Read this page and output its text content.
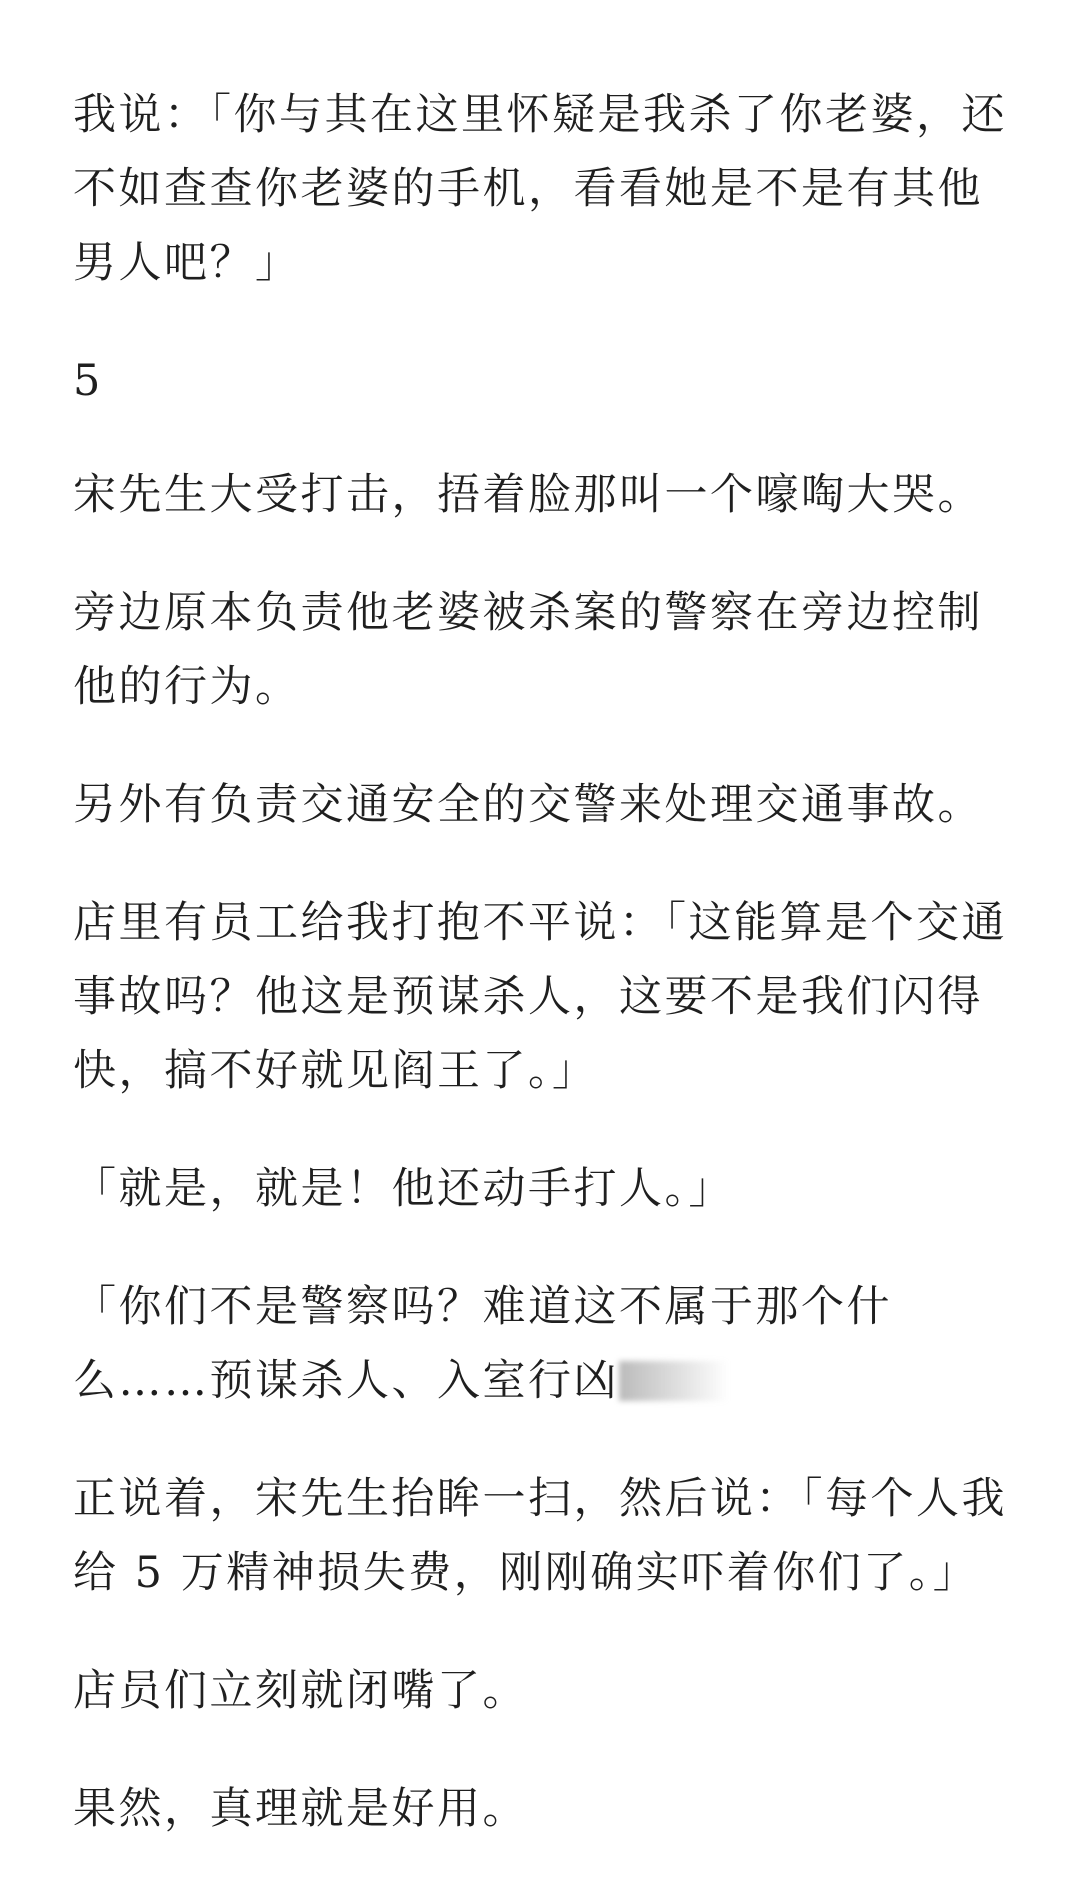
我说：「你与其在这里怀疑是我杀了你老婆，还不如查查你老婆的手机，看看她是不是有其他男人吧？」

5

宋先生大受打击，捂着脸那叫一个嚎啕大哭。

旁边原本负责他老婆被杀案的警察在旁边控制他的行为。

另外有负责交通安全的交警来处理交通事故。

店里有员工给我打抱不平说：「这能算是个交通事故吗？他这是预谋杀人，这要不是我们闪得快，搞不好就见阎王了。」

「就是，就是！他还动手打人。」

「你们不是警察吗？难道这不属于那个什么……预谋杀人、入室行凶

正说着，宋先生抬眸一扫，然后说：「每个人我给 5 万精神损失费，刚刚确实吓着你们了。」

店员们立刻就闭嘴了。

果然，真理就是好用。
